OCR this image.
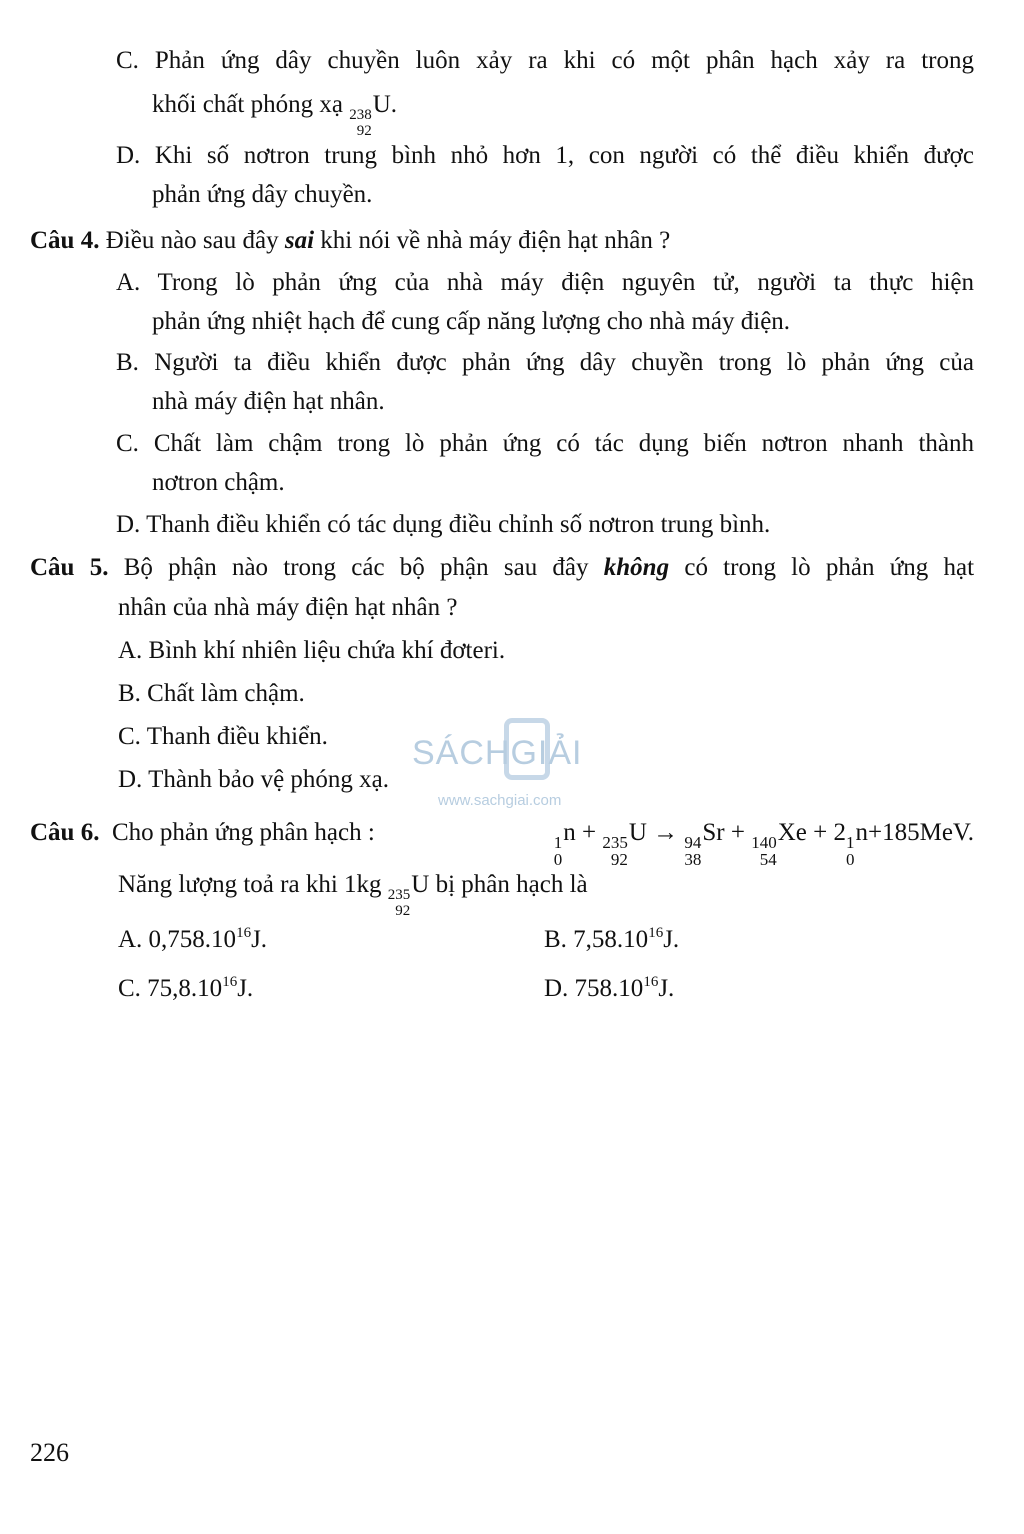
C. Phản ứng dây chuyền luôn xảy ra khi có một phân hạch xảy ra trong
khối chất phóng xạ 238
92
U.
D. Khi số nơtron trung bình nhỏ hơn 1, con người có thể điều khiển được
phản ứng dây chuyền.
Câu 4. Điều nào sau đây sai khi nói về nhà máy điện hạt nhân ?
A. Trong lò phản ứng của nhà máy điện nguyên tử, người ta thực hiện
phản ứng nhiệt hạch để cung cấp năng lượng cho nhà máy điện.
B. Người ta điều khiển được phản ứng dây chuyền trong lò phản ứng của
nhà máy điện hạt nhân.
C. Chất làm chậm trong lò phản ứng có tác dụng biến nơtron nhanh thành
nơtron chậm.
D. Thanh điều khiển có tác dụng điều chỉnh số nơtron trung bình.
Câu 5. Bộ phận nào trong các bộ phận sau đây không có trong lò phản ứng hạt
nhân của nhà máy điện hạt nhân ?
A. Bình khí nhiên liệu chứa khí đơteri.
B. Chất làm chậm.
C. Thanh điều khiển.
D. Thành bảo vệ phóng xạ.
SÁCHGIẢI
www.sachgiai.com
Câu 6. Cho phản ứng phân hạch :	1
0
n + 235
92
U → 94
38
Sr + 140
54
Xe + 2 1
0
n+185MeV.
Năng lượng toả ra khi 1kg 235
92
U bị phân hạch là
A. 0,758.10$^{16}$J.	B. 7,58.10$^{16}$J.
C. 75,8.10$^{16}$J.	D. 758.10$^{16}$J.
226
